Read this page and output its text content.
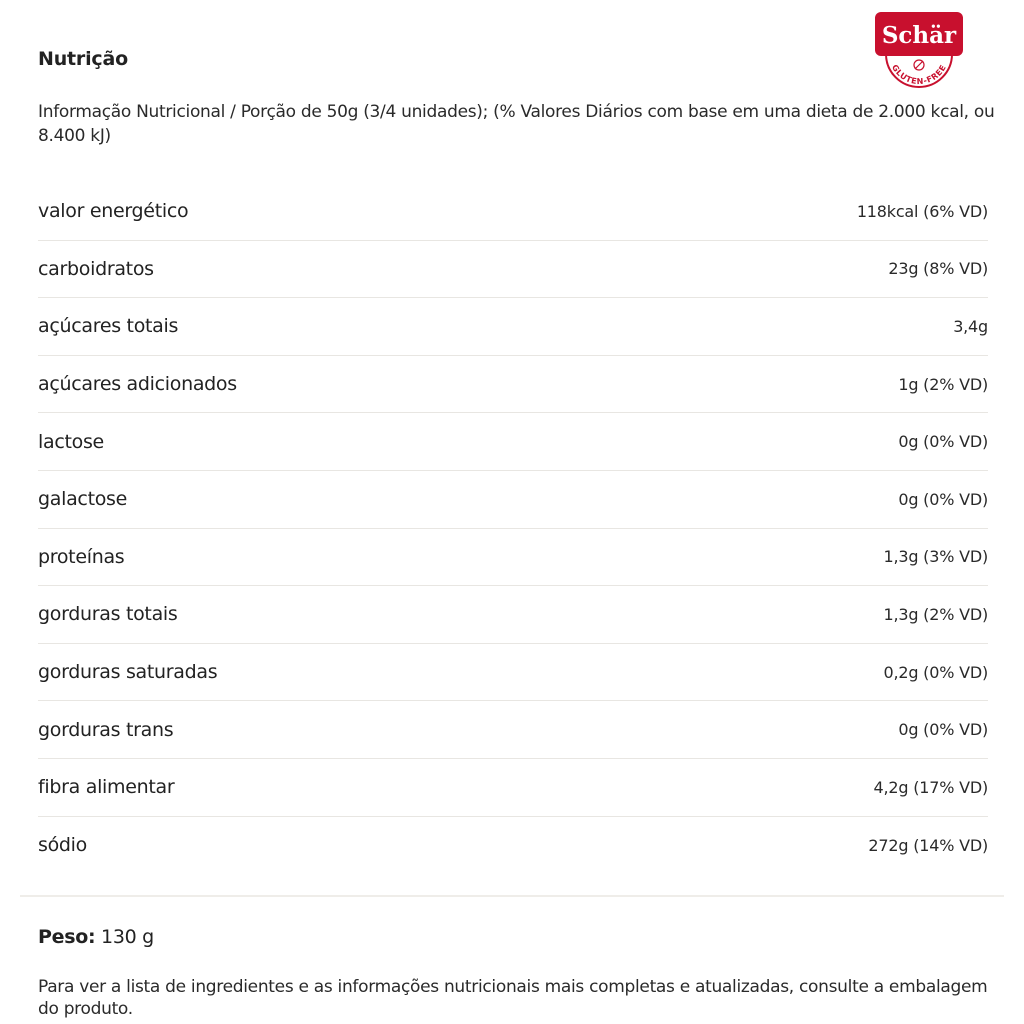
Schär
GLUTEN-FREE
Nutrição
Informação Nutricional / Porção de 50g (3/4 unidades); (% Valores Diários com base em uma dieta de 2.000 kcal, ou 8.400 kJ)
valor energético	118kcal (6% VD)
carboidratos	23g (8% VD)
açúcares totais	3,4g
açúcares adicionados	1g (2% VD)
lactose	0g (0% VD)
galactose	0g (0% VD)
proteínas	1,3g (3% VD)
gorduras totais	1,3g (2% VD)
gorduras saturadas	0,2g (0% VD)
gorduras trans	0g (0% VD)
fibra alimentar	4,2g (17% VD)
sódio	272g (14% VD)
Peso: 130 g
Para ver a lista de ingredientes e as informações nutricionais mais completas e atualizadas, consulte a embalagem do produto.
